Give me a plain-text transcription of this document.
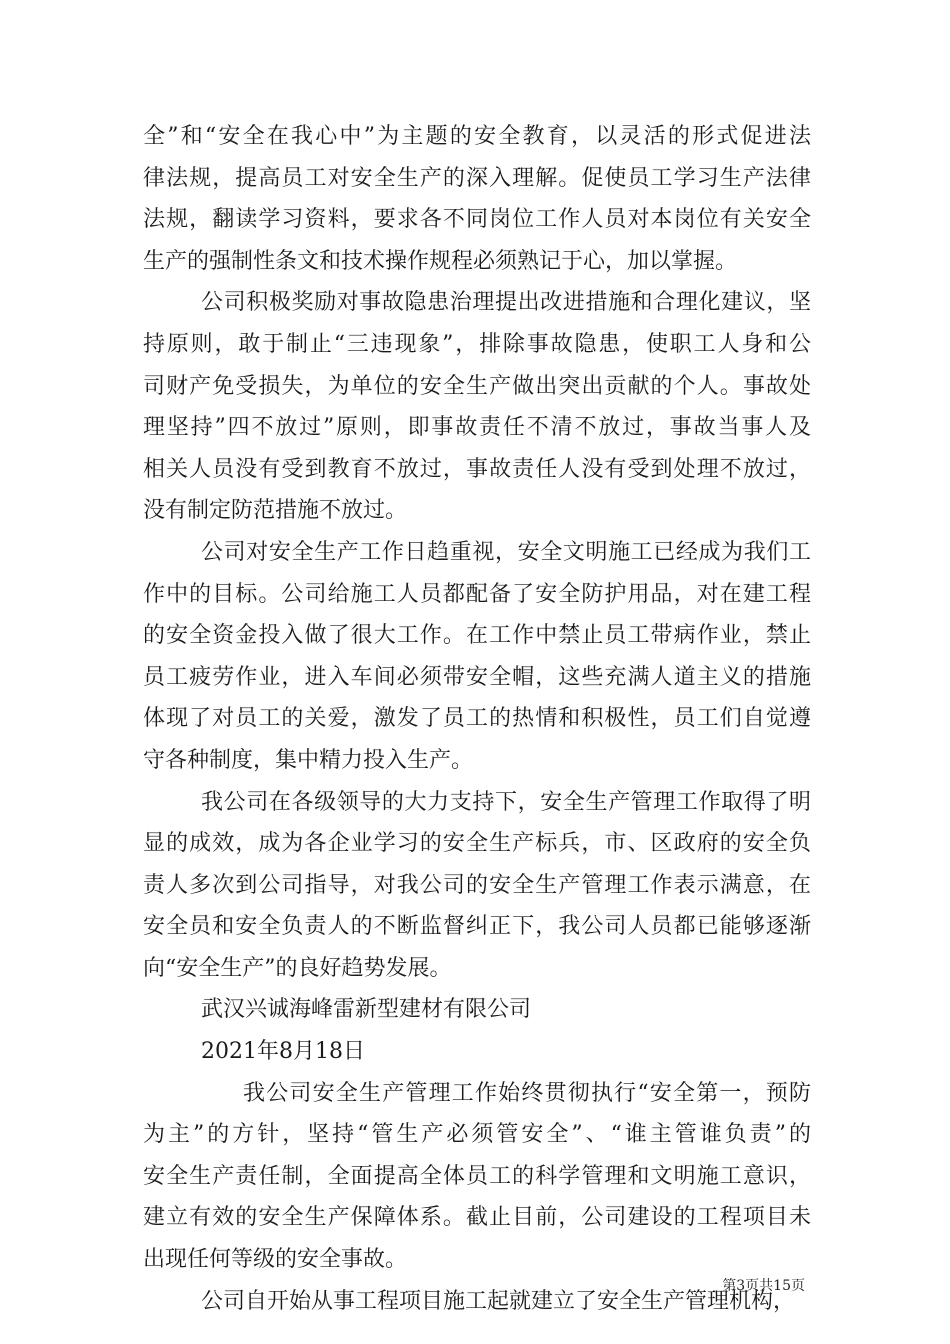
全”和“安全在我心中”为主题的安全教育，以灵活的形式促进法
律法规，提高员工对安全生产的深入理解。促使员工学习生产法律
法规，翻读学习资料，要求各不同岗位工作人员对本岗位有关安全
生产的强制性条文和技术操作规程必须熟记于心，加以掌握。
公司积极奖励对事故隐患治理提出改进措施和合理化建议，坚
持原则，敢于制止“三违现象”，排除事故隐患，使职工人身和公
司财产免受损失，为单位的安全生产做出突出贡献的个人。事故处
理坚持”四不放过”原则，即事故责任不清不放过，事故当事人及
相关人员没有受到教育不放过，事故责任人没有受到处理不放过，
没有制定防范措施不放过。
公司对安全生产工作日趋重视，安全文明施工已经成为我们工
作中的目标。公司给施工人员都配备了安全防护用品，对在建工程
的安全资金投入做了很大工作。在工作中禁止员工带病作业，禁止
员工疲劳作业，进入车间必须带安全帽，这些充满人道主义的措施
体现了对员工的关爱，激发了员工的热情和积极性，员工们自觉遵
守各种制度，集中精力投入生产。
我公司在各级领导的大力支持下，安全生产管理工作取得了明
显的成效，成为各企业学习的安全生产标兵，市、区政府的安全负
责人多次到公司指导，对我公司的安全生产管理工作表示满意，在
安全员和安全负责人的不断监督纠正下，我公司人员都已能够逐渐
向“安全生产”的良好趋势发展。
武汉兴诚海峰雷新型建材有限公司
2021年8月18日
我公司安全生产管理工作始终贯彻执行“安全第一，预防
为主”的方针，坚持“管生产必须管安全”、“谁主管谁负责”的
安全生产责任制，全面提高全体员工的科学管理和文明施工意识，
建立有效的安全生产保障体系。截止目前，公司建设的工程项目未
出现任何等级的安全事故。
公司自开始从事工程项目施工起就建立了安全生产管理机构，
第3页共15页
